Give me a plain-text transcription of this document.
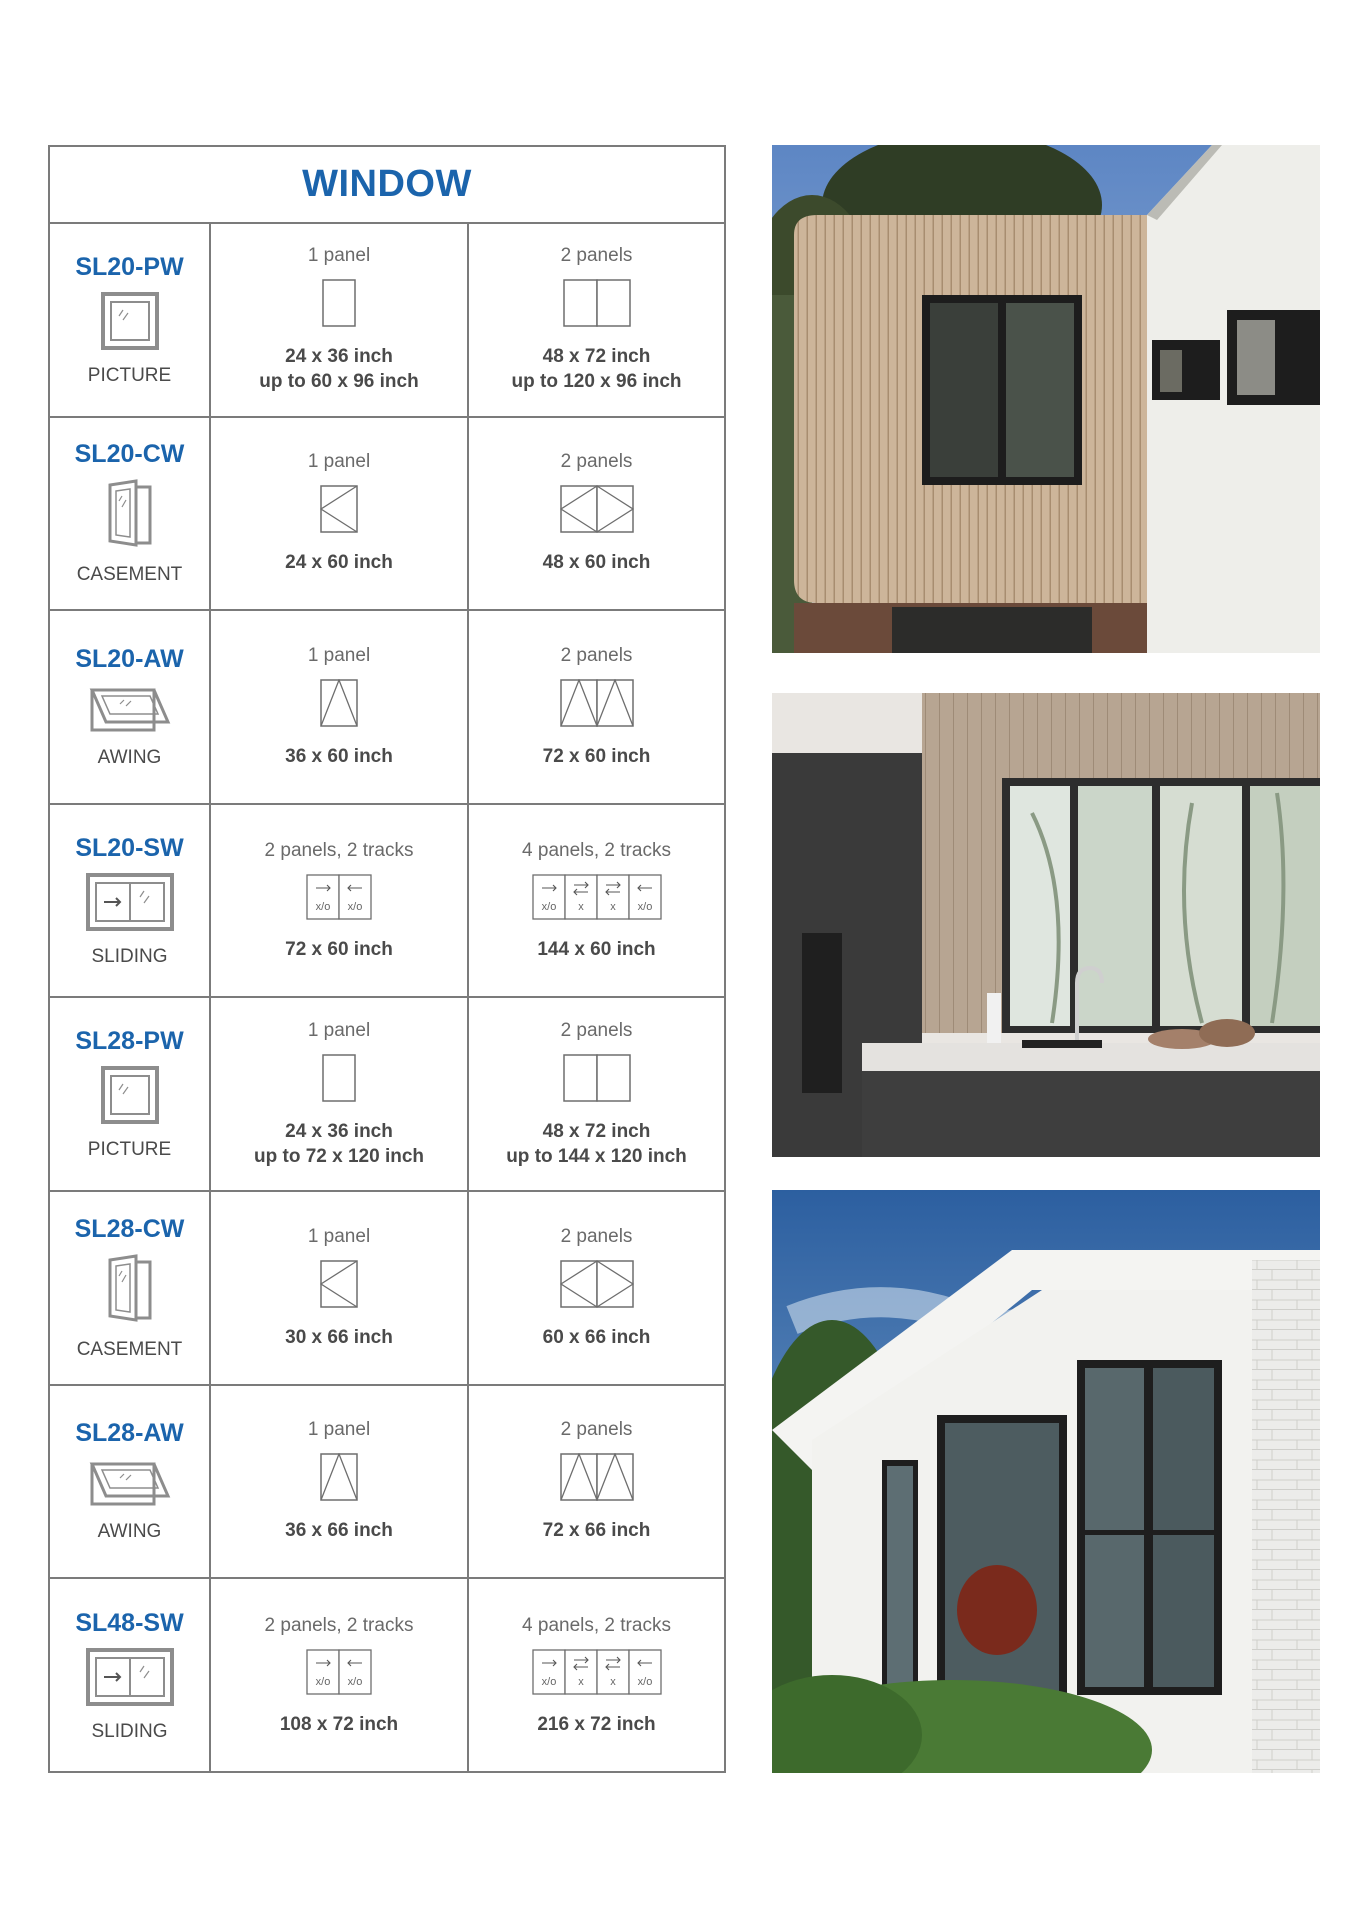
WINDOW
SL20-PW
PICTURE
1 panel
24 x 36 inch
up to 60 x 96 inch
2 panels
48 x 72 inch
up to 120 x 96 inch
SL20-CW
CASEMENT
1 panel
24 x 60 inch
2 panels
48 x 60 inch
SL20-AW
AWING
1 panel
36 x 60 inch
2 panels
72 x 60 inch
SL20-SW
SLIDING
2 panels, 2 tracks
x/o x/o
72 x 60 inch
4 panels, 2 tracks
x/o x x x/o
144 x 60 inch
SL28-PW
PICTURE
1 panel
24 x 36 inch
up to 72 x 120 inch
2 panels
48 x 72 inch
up to 144 x 120 inch
SL28-CW
CASEMENT
1 panel
30 x 66 inch
2 panels
60 x 66 inch
SL28-AW
AWING
1 panel
36 x 66 inch
2 panels
72 x 66 inch
SL48-SW
SLIDING
2 panels, 2 tracks
x/o x/o
108 x 72 inch
4 panels, 2 tracks
x/o x x x/o
216 x 72 inch
